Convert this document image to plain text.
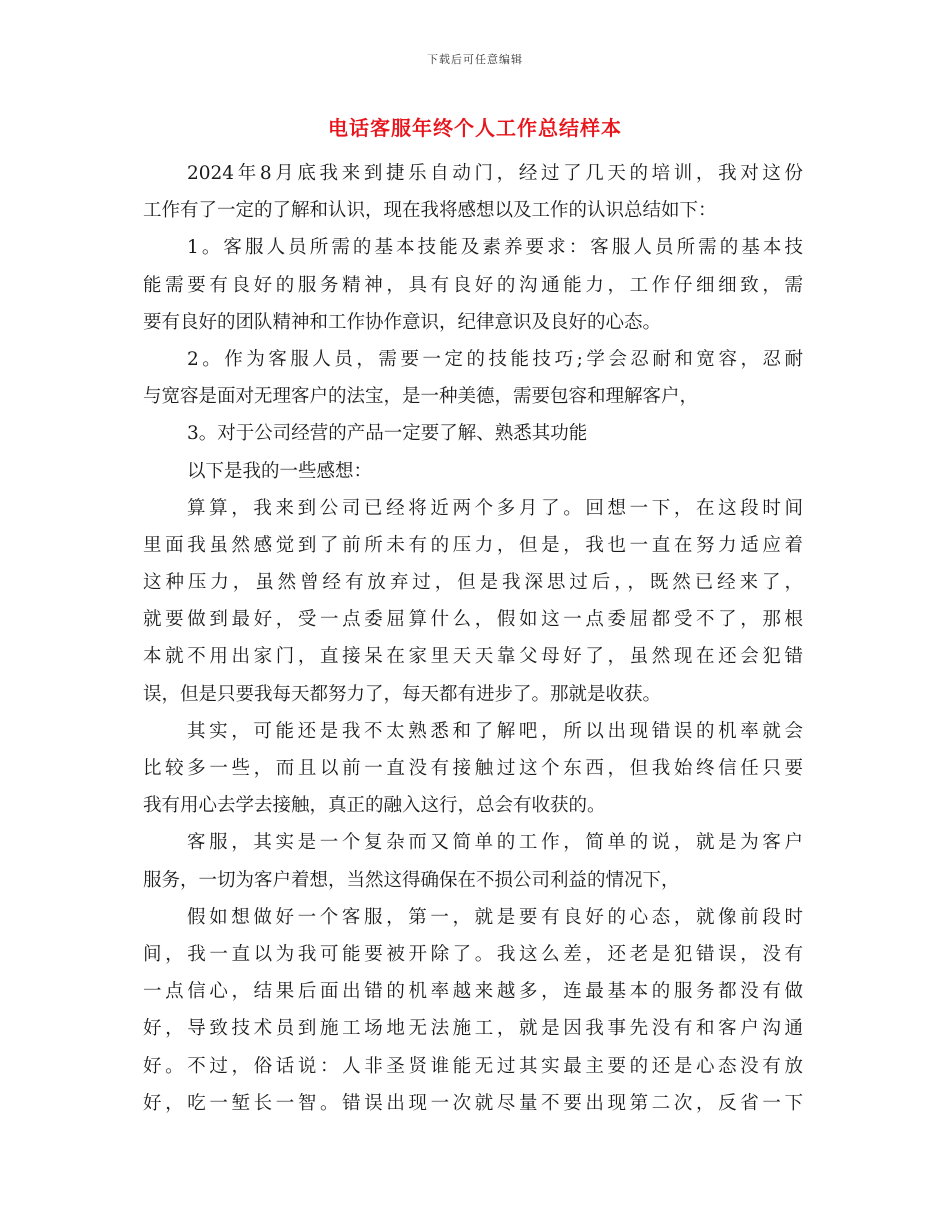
下载后可任意编辑
电话客服年终个人工作总结样本
2024年8月底我来到捷乐自动门，经过了几天的培训，我对这份
工作有了一定的了解和认识，现在我将感想以及工作的认识总结如下：
1。客服人员所需的基本技能及素养要求：客服人员所需的基本技
能需要有良好的服务精神，具有良好的沟通能力，工作仔细细致，需
要有良好的团队精神和工作协作意识，纪律意识及良好的心态。
2。作为客服人员，需要一定的技能技巧;学会忍耐和宽容，忍耐
与宽容是面对无理客户的法宝，是一种美德，需要包容和理解客户，
3。对于公司经营的产品一定要了解、熟悉其功能
以下是我的一些感想：
算算，我来到公司已经将近两个多月了。回想一下，在这段时间
里面我虽然感觉到了前所未有的压力，但是，我也一直在努力适应着
这种压力，虽然曾经有放弃过，但是我深思过后，，既然已经来了，
就要做到最好，受一点委屈算什么，假如这一点委屈都受不了，那根
本就不用出家门，直接呆在家里天天靠父母好了，虽然现在还会犯错
误，但是只要我每天都努力了，每天都有进步了。那就是收获。
其实，可能还是我不太熟悉和了解吧，所以出现错误的机率就会
比较多一些，而且以前一直没有接触过这个东西，但我始终信任只要
我有用心去学去接触，真正的融入这行，总会有收获的。
客服，其实是一个复杂而又简单的工作，简单的说，就是为客户
服务，一切为客户着想，当然这得确保在不损公司利益的情况下，
假如想做好一个客服，第一，就是要有良好的心态，就像前段时
间，我一直以为我可能要被开除了。我这么差，还老是犯错误，没有
一点信心，结果后面出错的机率越来越多，连最基本的服务都没有做
好，导致技术员到施工场地无法施工，就是因我事先没有和客户沟通
好。不过，俗话说：人非圣贤谁能无过其实最主要的还是心态没有放
好，吃一堑长一智。错误出现一次就尽量不要出现第二次，反省一下
